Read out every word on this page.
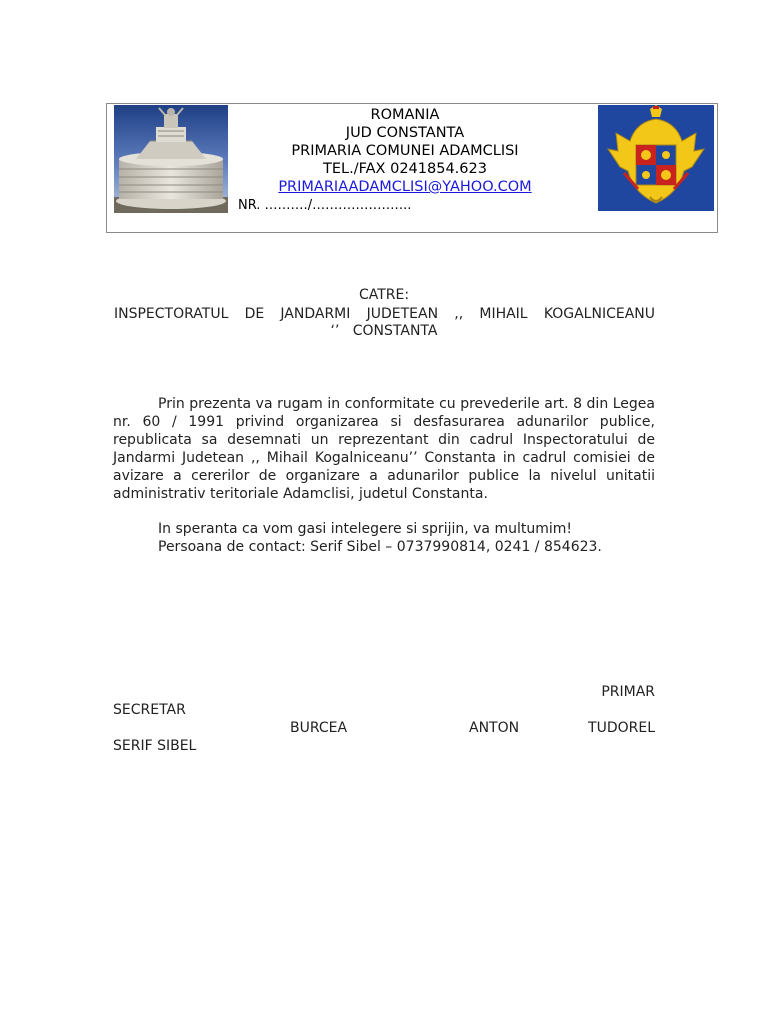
ROMANIA
JUD CONSTANTA
PRIMARIA COMUNEI ADAMCLISI
TEL./FAX 0241854.623
PRIMARIAADAMCLISI@YAHOO.COM
NR. ………./…………………..
CATRE:
INSPECTORATUL DE JANDARMI JUDETEAN ,, MIHAIL KOGALNICEANU
‘’   CONSTANTA

Prin prezenta va rugam in conformitate cu prevederile art. 8 din Legea nr. 60 / 1991 privind organizarea si desfasurarea adunarilor publice, republicata sa desemnati un reprezentant din cadrul Inspectoratului de Jandarmi Judetean ,, Mihail Kogalniceanu’’ Constanta in cadrul comisiei de avizare a cererilor de organizare a adunarilor publice la nivelul unitatii administrativ teritoriale Adamclisi, judetul Constanta.

In speranta ca vom gasi intelegere si sprijin, va multumim!
Persoana de contact: Serif Sibel – 0737990814, 0241 / 854623.
PRIMAR
SECRETAR
BURCEA	ANTON	TUDOREL
SERIF SIBEL
